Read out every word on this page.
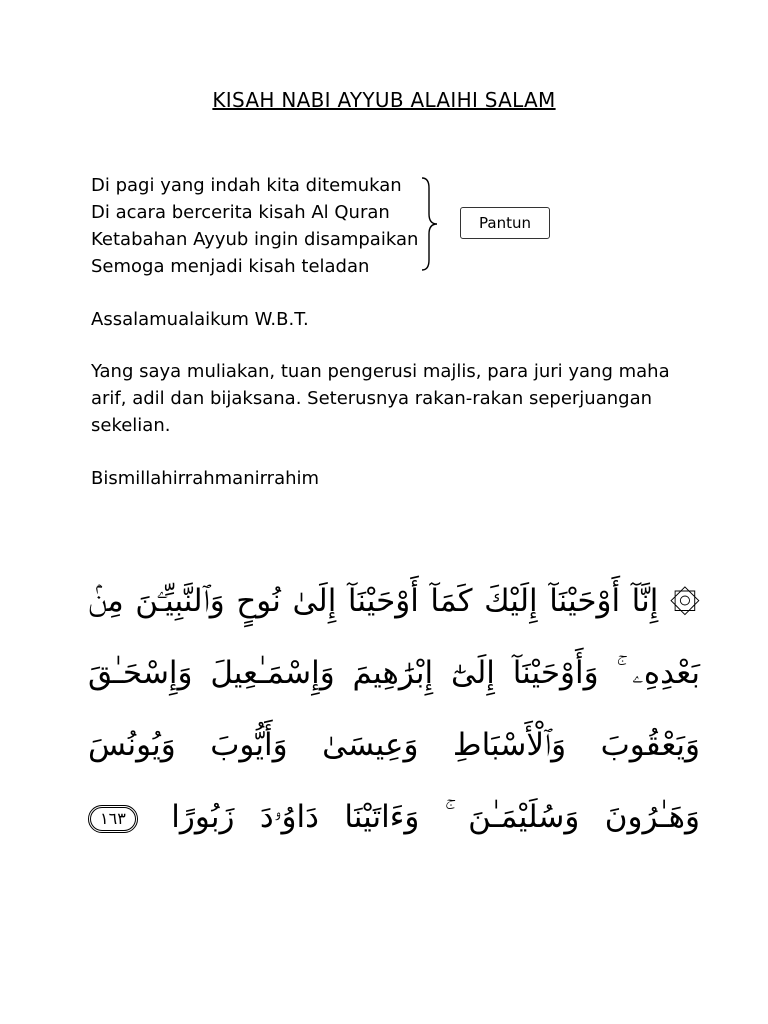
KISAH NABI AYYUB ALAIHI SALAM
Di pagi yang indah kita ditemukan
Di acara bercerita kisah Al Quran
Ketabahan Ayyub ingin disampaikan
Semoga menjadi kisah teladan
Pantun
Assalamualaikum W.B.T.
Yang saya muliakan, tuan pengerusi majlis, para juri yang maha arif, adil dan bijaksana. Seterusnya rakan-rakan seperjuangan sekelian.
Bismillahirrahmanirrahim
۞ إِنَّآ أَوْحَيْنَآ إِلَيْكَ كَمَآ أَوْحَيْنَآ إِلَىٰ نُوحٍ وَٱلنَّبِيِّـۧنَ مِنۢ بَعْدِهِۦ ۚ وَأَوْحَيْنَآ إِلَىٰٓ إِبْرَٰهِيمَ وَإِسْمَـٰعِيلَ وَإِسْحَـٰقَ وَيَعْقُوبَ وَٱلْأَسْبَاطِ وَعِيسَىٰ وَأَيُّوبَ وَيُونُسَ وَهَـٰرُونَ وَسُلَيْمَـٰنَ ۚ وَءَاتَيْنَا دَاوُۥدَ زَبُورًا ١٦٣
